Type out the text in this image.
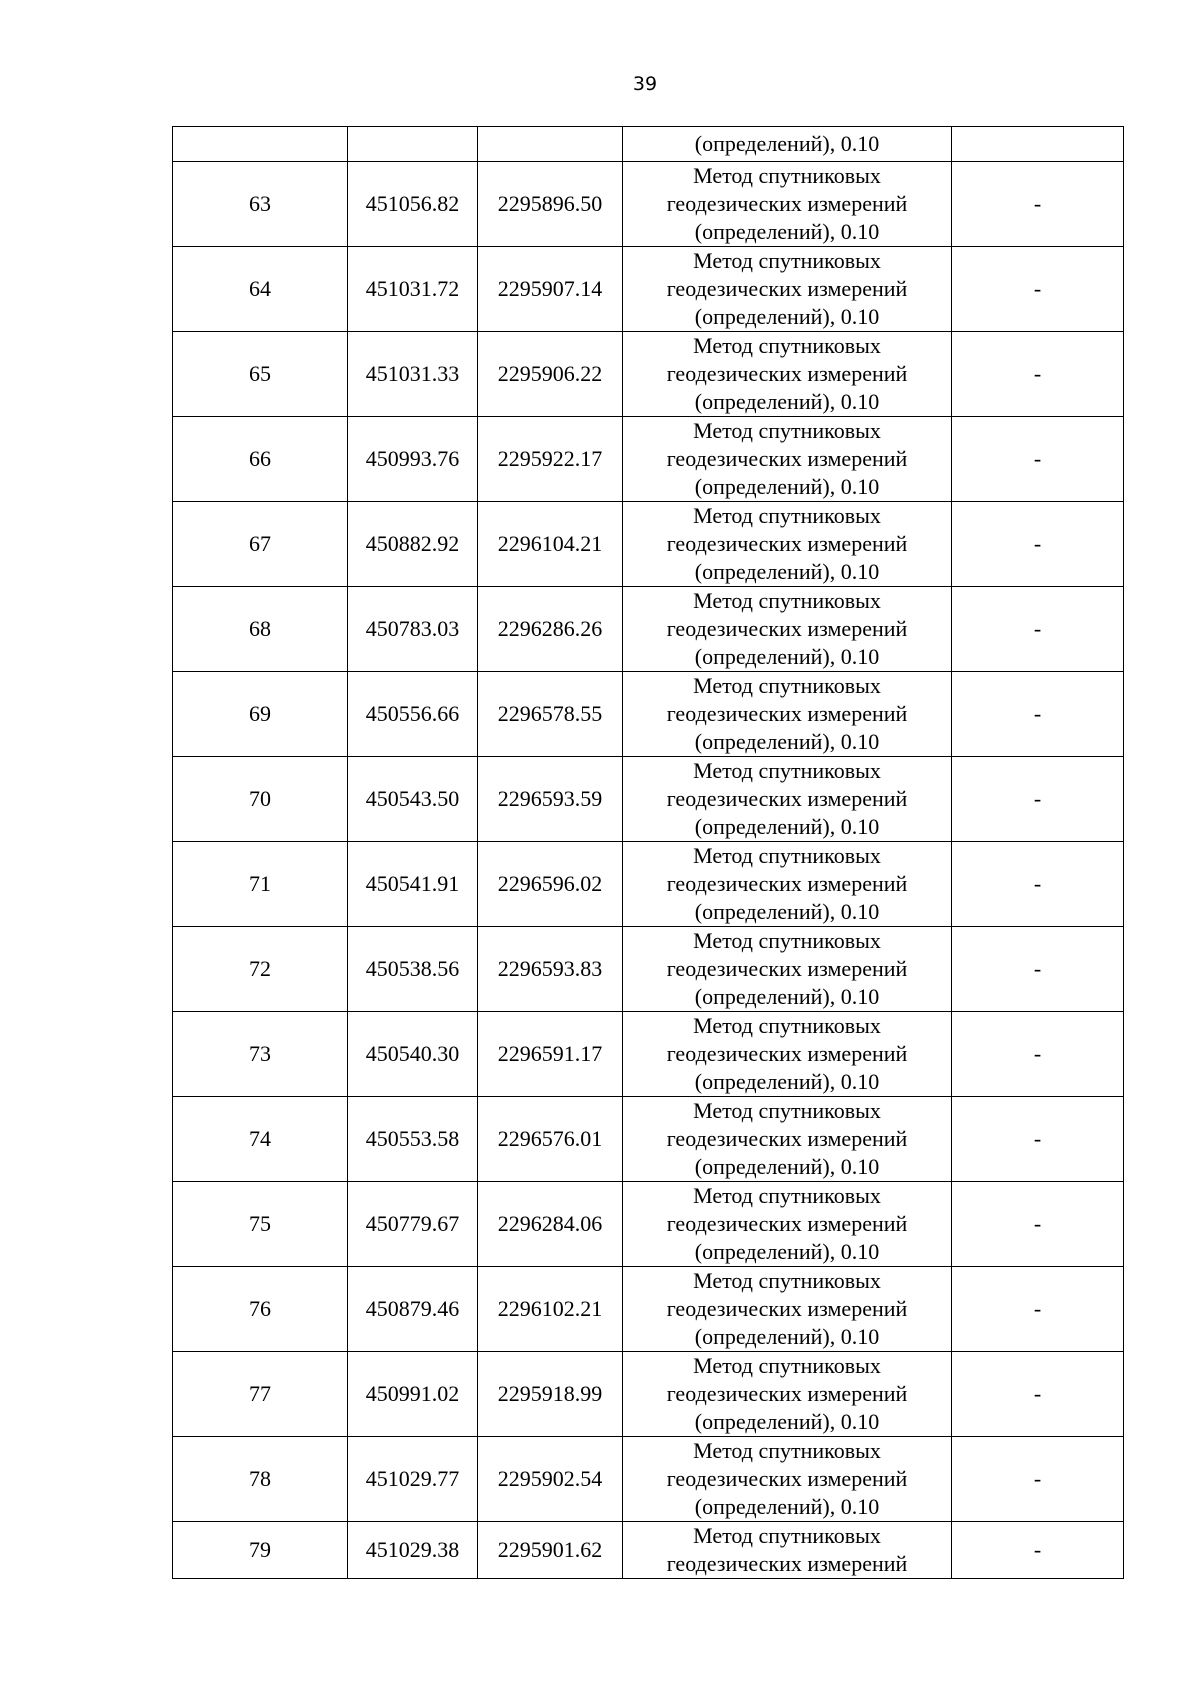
39

			(определений), 0.10	

63	451056.82	2295896.50	Метод спутниковых
геодезических измерений
(определений), 0.10	-
64	451031.72	2295907.14	Метод спутниковых
геодезических измерений
(определений), 0.10	-
65	451031.33	2295906.22	Метод спутниковых
геодезических измерений
(определений), 0.10	-
66	450993.76	2295922.17	Метод спутниковых
геодезических измерений
(определений), 0.10	-
67	450882.92	2296104.21	Метод спутниковых
геодезических измерений
(определений), 0.10	-
68	450783.03	2296286.26	Метод спутниковых
геодезических измерений
(определений), 0.10	-
69	450556.66	2296578.55	Метод спутниковых
геодезических измерений
(определений), 0.10	-
70	450543.50	2296593.59	Метод спутниковых
геодезических измерений
(определений), 0.10	-
71	450541.91	2296596.02	Метод спутниковых
геодезических измерений
(определений), 0.10	-
72	450538.56	2296593.83	Метод спутниковых
геодезических измерений
(определений), 0.10	-
73	450540.30	2296591.17	Метод спутниковых
геодезических измерений
(определений), 0.10	-
74	450553.58	2296576.01	Метод спутниковых
геодезических измерений
(определений), 0.10	-
75	450779.67	2296284.06	Метод спутниковых
геодезических измерений
(определений), 0.10	-
76	450879.46	2296102.21	Метод спутниковых
геодезических измерений
(определений), 0.10	-
77	450991.02	2295918.99	Метод спутниковых
геодезических измерений
(определений), 0.10	-
78	451029.77	2295902.54	Метод спутниковых
геодезических измерений
(определений), 0.10	-
79	451029.38	2295901.62	Метод спутниковых
геодезических измерений	-
